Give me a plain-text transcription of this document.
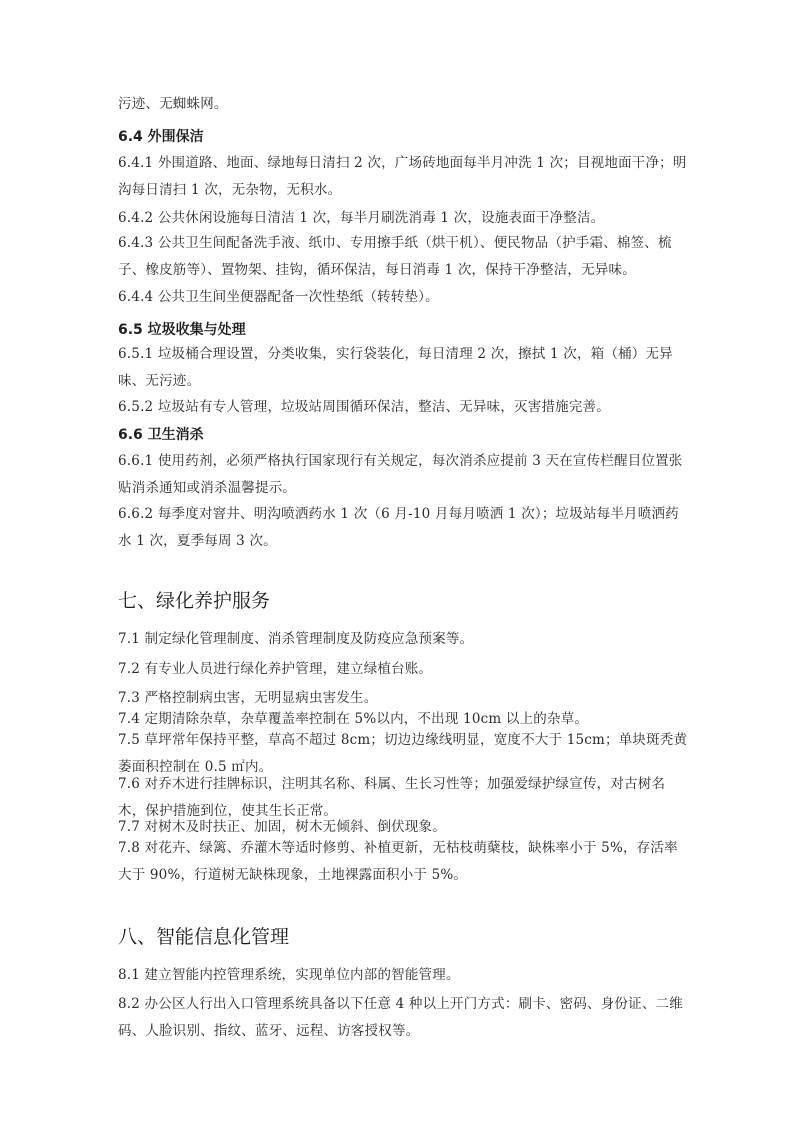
污迹、无蜘蛛网。

6.4 外围保洁

6.4.1 外围道路、地面、绿地每日清扫 2 次，广场砖地面每半月冲洗 1 次；目视地面干净；明沟每日清扫 1 次，无杂物，无积水。

6.4.2 公共休闲设施每日清洁 1 次，每半月刷洗消毒 1 次，设施表面干净整洁。

6.4.3 公共卫生间配备洗手液、纸巾、专用擦手纸（烘干机）、便民物品（护手霜、棉签、梳子、橡皮筋等）、置物架、挂钩，循环保洁，每日消毒 1 次，保持干净整洁，无异味。

6.4.4 公共卫生间坐便器配备一次性垫纸（转转垫）。

6.5 垃圾收集与处理

6.5.1 垃圾桶合理设置，分类收集，实行袋装化，每日清理 2 次，擦拭 1 次，箱（桶）无异味、无污迹。

6.5.2 垃圾站有专人管理，垃圾站周围循环保洁，整洁、无异味，灭害措施完善。

6.6 卫生消杀

6.6.1 使用药剂，必须严格执行国家现行有关规定，每次消杀应提前 3 天在宣传栏醒目位置张贴消杀通知或消杀温馨提示。

6.6.2 每季度对窨井、明沟喷洒药水 1 次（6 月-10 月每月喷洒 1 次）；垃圾站每半月喷洒药水 1 次，夏季每周 3 次。

七、绿化养护服务

7.1 制定绿化管理制度、消杀管理制度及防疫应急预案等。

7.2 有专业人员进行绿化养护管理，建立绿植台账。

7.3 严格控制病虫害，无明显病虫害发生。

7.4 定期清除杂草，杂草覆盖率控制在 5%以内，不出现 10cm 以上的杂草。

7.5 草坪常年保持平整，草高不超过 8cm；切边边缘线明显，宽度不大于 15cm；单块斑秃黄萎面积控制在 0.5 ㎡内。

7.6 对乔木进行挂牌标识，注明其名称、科属、生长习性等；加强爱绿护绿宣传，对古树名木，保护措施到位，使其生长正常。

7.7 对树木及时扶正、加固，树木无倾斜、倒伏现象。

7.8 对花卉、绿篱、乔灌木等适时修剪、补植更新，无枯枝萌蘖枝，缺株率小于 5%，存活率大于 90%，行道树无缺株现象，土地裸露面积小于 5%。

八、智能信息化管理

8.1 建立智能内控管理系统，实现单位内部的智能管理。

8.2 办公区人行出入口管理系统具备以下任意 4 种以上开门方式：刷卡、密码、身份证、二维码、人脸识别、指纹、蓝牙、远程、访客授权等。
